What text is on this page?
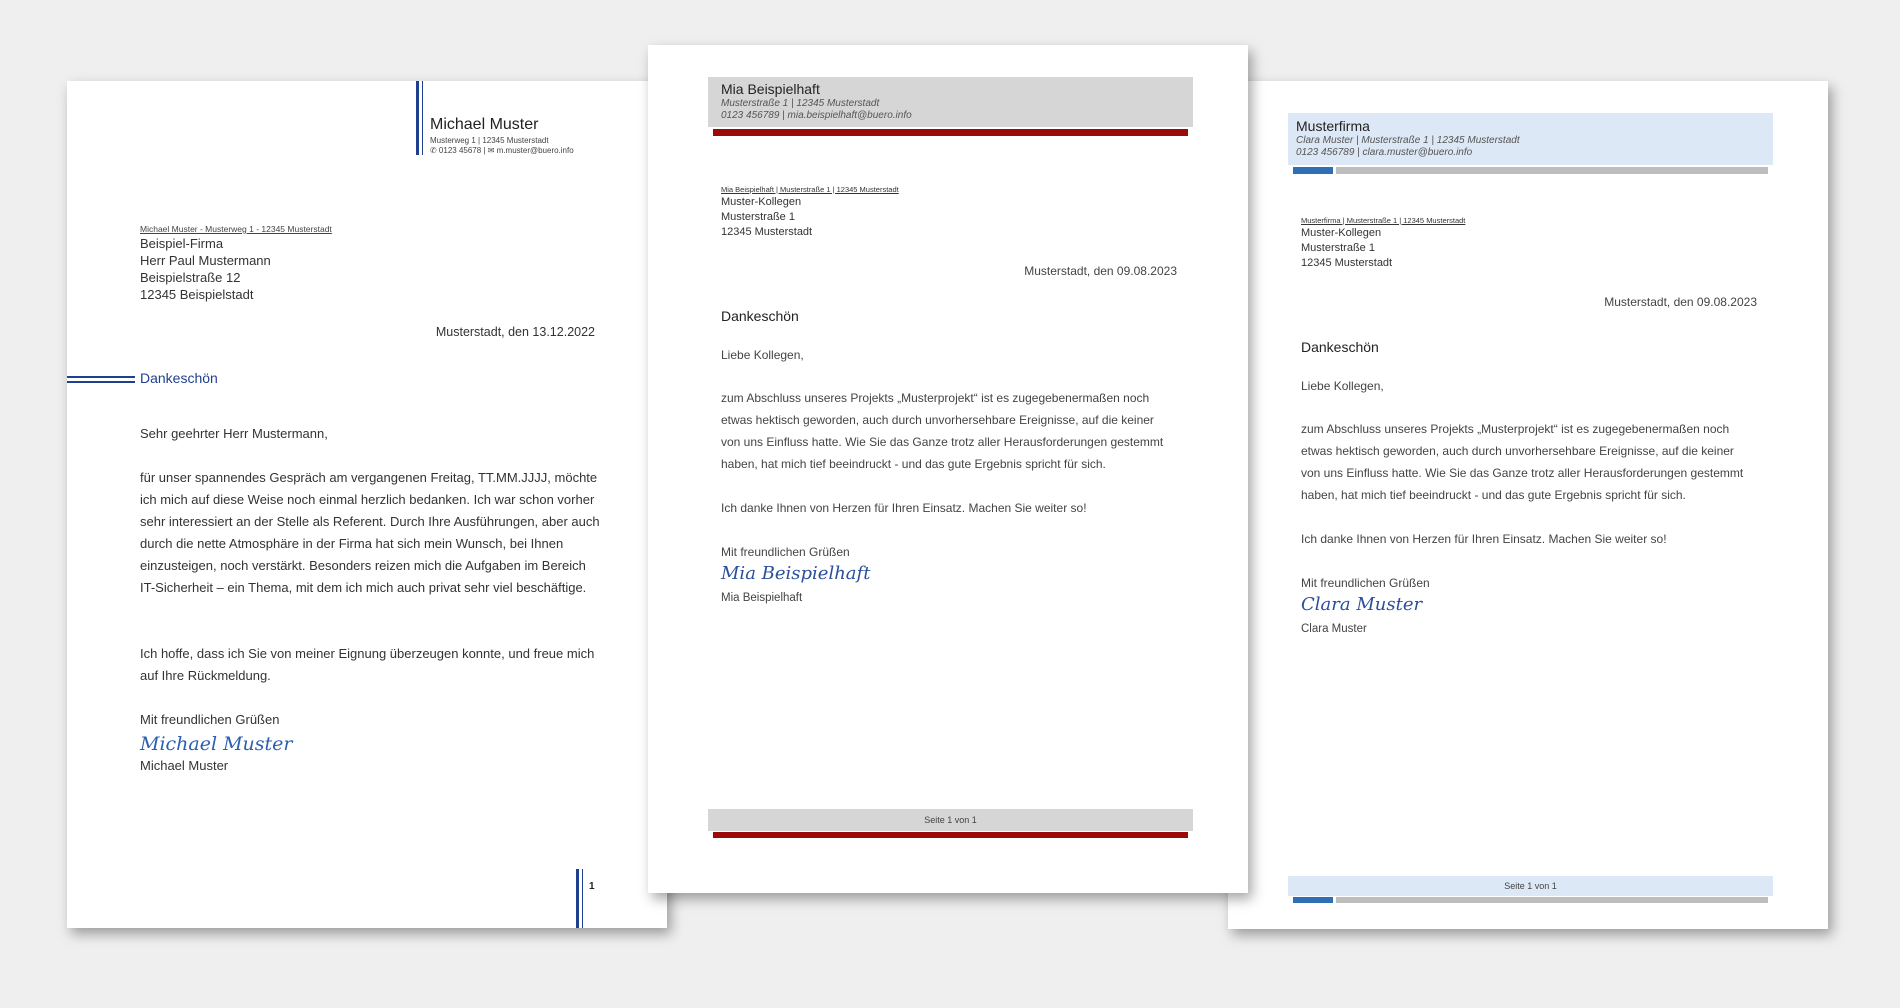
Michael Muster
Musterweg 1 | 12345 Musterstadt
✆ 0123 45678 | ✉ m.muster@buero.info
Michael Muster - Musterweg 1 - 12345 Musterstadt
Beispiel-Firma
Herr Paul Mustermann
Beispielstraße 12
12345 Beispielstadt
Musterstadt, den 13.12.2022
Dankeschön
Sehr geehrter Herr Mustermann,
für unser spannendes Gespräch am vergangenen Freitag, TT.MM.JJJJ, möchte ich mich auf diese Weise noch einmal herzlich bedanken. Ich war schon vorher sehr interessiert an der Stelle als Referent. Durch Ihre Ausführungen, aber auch durch die nette Atmosphäre in der Firma hat sich mein Wunsch, bei Ihnen einzusteigen, noch verstärkt. Besonders reizen mich die Aufgaben im Bereich IT-Sicherheit – ein Thema, mit dem ich mich auch privat sehr viel beschäftige.
Ich hoffe, dass ich Sie von meiner Eignung überzeugen konnte, und freue mich auf Ihre Rückmeldung.
Mit freundlichen Grüßen
Michael Muster
Michael Muster
1
Mia Beispielhaft
Musterstraße 1 | 12345 Musterstadt
0123 456789 | mia.beispielhaft@buero.info
Mia Beispielhaft | Musterstraße 1 | 12345 Musterstadt
Muster-Kollegen
Musterstraße 1
12345 Musterstadt
Musterstadt, den 09.08.2023
Dankeschön
Liebe Kollegen,
zum Abschluss unseres Projekts „Musterprojekt“ ist es zugegebenermaßen noch etwas hektisch geworden, auch durch unvorhersehbare Ereignisse, auf die keiner von uns Einfluss hatte. Wie Sie das Ganze trotz aller Herausforderungen gestemmt haben, hat mich tief beeindruckt - und das gute Ergebnis spricht für sich.
Ich danke Ihnen von Herzen für Ihren Einsatz. Machen Sie weiter so!
Mit freundlichen Grüßen
Mia Beispielhaft
Mia Beispielhaft
Seite 1 von 1
Musterfirma
Clara Muster | Musterstraße 1 | 12345 Musterstadt
0123 456789 | clara.muster@buero.info
Musterfirma | Musterstraße 1 | 12345 Musterstadt
Muster-Kollegen
Musterstraße 1
12345 Musterstadt
Musterstadt, den 09.08.2023
Dankeschön
Liebe Kollegen,
zum Abschluss unseres Projekts „Musterprojekt“ ist es zugegebenermaßen noch etwas hektisch geworden, auch durch unvorhersehbare Ereignisse, auf die keiner von uns Einfluss hatte. Wie Sie das Ganze trotz aller Herausforderungen gestemmt haben, hat mich tief beeindruckt - und das gute Ergebnis spricht für sich.
Ich danke Ihnen von Herzen für Ihren Einsatz. Machen Sie weiter so!
Mit freundlichen Grüßen
Clara Muster
Clara Muster
Seite 1 von 1
